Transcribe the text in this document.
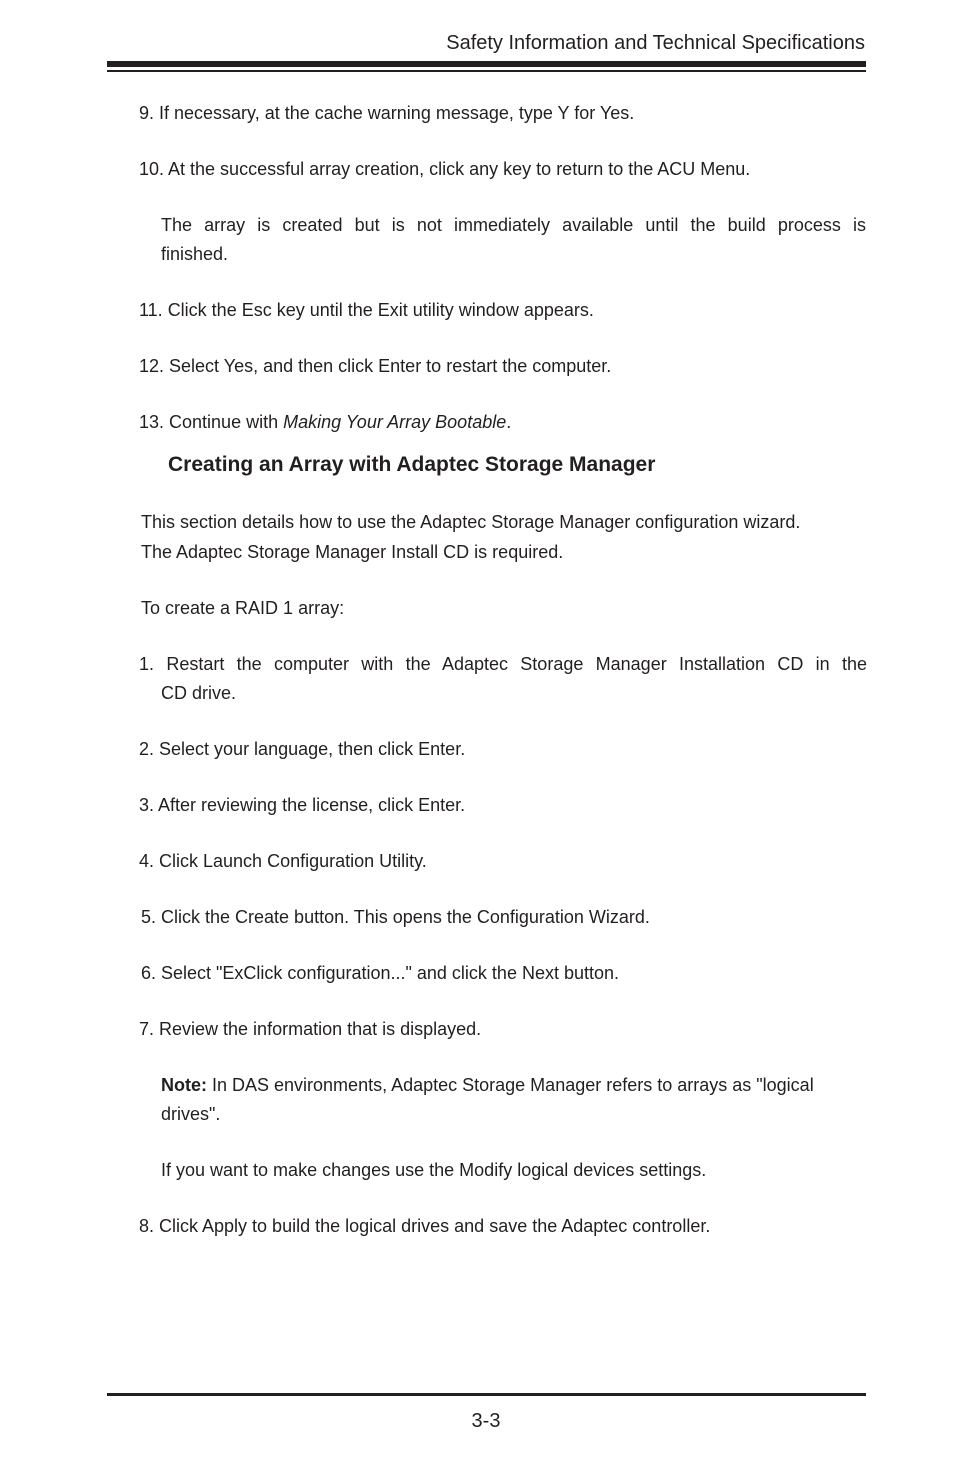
Safety Information and Technical Specifications
9. If necessary, at the cache warning message, type Y for Yes.
10. At the successful array creation, click any key to return to the ACU Menu.
The array is created but is not immediately available until the build process is
finished.
11. Click the Esc key until the Exit utility window appears.
12. Select Yes, and then click Enter to restart the computer.
13. Continue with Making Your Array Bootable.
Creating an Array with Adaptec Storage Manager
This section details how to use the Adaptec Storage Manager configuration wizard.
The Adaptec Storage Manager Install CD is required.
To create a RAID 1 array:
1. Restart the computer with the Adaptec Storage Manager Installation CD in the
CD drive.
2. Select your language, then click Enter.
3. After reviewing the license, click Enter.
4. Click Launch Configuration Utility.
5. Click the Create button. This opens the Configuration Wizard.
6. Select "ExClick configuration..." and click the Next button.
7. Review the information that is displayed.
Note: In DAS environments, Adaptec Storage Manager refers to arrays as "logical
drives".
If you want to make changes use the Modify logical devices settings.
8. Click Apply to build the logical drives and save the Adaptec controller.
3-3
